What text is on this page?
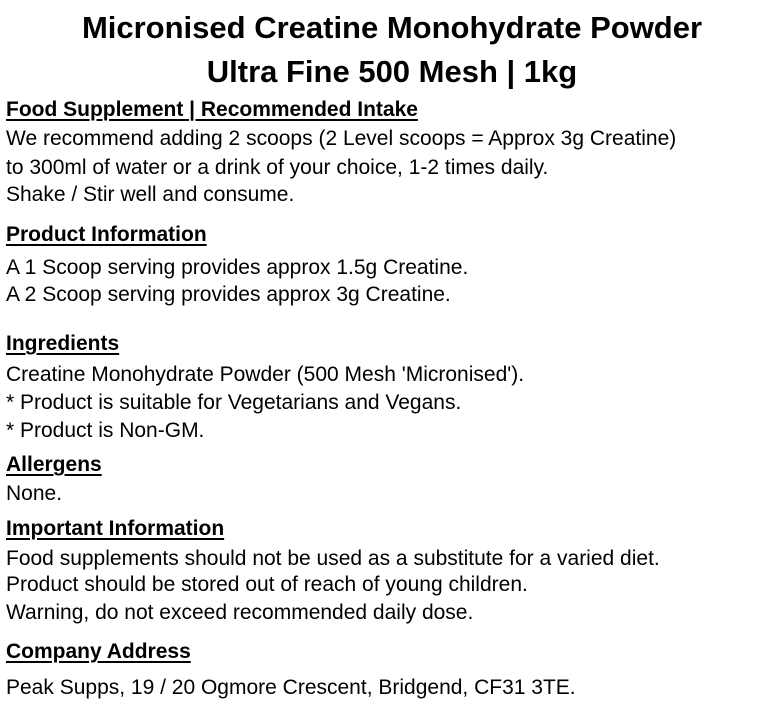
Micronised Creatine Monohydrate Powder
Ultra Fine 500 Mesh | 1kg
Food Supplement | Recommended Intake
We recommend adding 2 scoops (2 Level scoops = Approx 3g Creatine)
to 300ml of water or a drink of your choice, 1-2 times daily.
Shake / Stir well and consume.
Product Information
A 1 Scoop serving provides approx 1.5g Creatine.
A 2 Scoop serving provides approx 3g Creatine.
Ingredients
Creatine Monohydrate Powder (500 Mesh 'Micronised').
* Product is suitable for Vegetarians and Vegans.
* Product is Non-GM.
Allergens
None.
Important Information
Food supplements should not be used as a substitute for a varied diet.
Product should be stored out of reach of young children.
Warning, do not exceed recommended daily dose.
Company Address
Peak Supps, 19 / 20 Ogmore Crescent, Bridgend, CF31 3TE.
